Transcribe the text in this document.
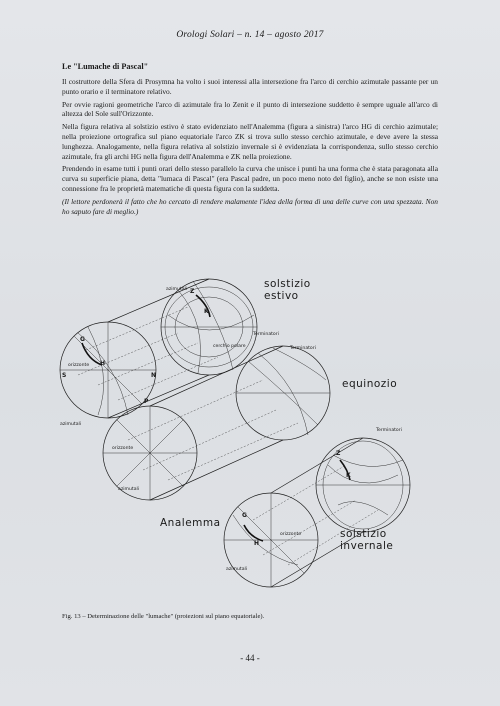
Orologi Solari – n. 14 – agosto 2017
Le "Lumache di Pascal"

Il costruttore della Sfera di Prosymna ha volto i suoi interessi alla intersezione fra l'arco di cerchio azimutale passante per un punto orario e il terminatore relativo.

Per ovvie ragioni geometriche l'arco di azimutale fra lo Zenit e il punto di intersezione suddetto è sempre uguale all'arco di altezza del Sole sull'Orizzonte.

Nella figura relativa al solstizio estivo è stato evidenziato nell'Analemma (figura a sinistra) l'arco HG di cerchio azimutale; nella proiezione ortografica sul piano equatoriale l'arco ZK si trova sullo stesso cerchio azimutale, e deve avere la stessa lunghezza. Analogamente, nella figura relativa al solstizio invernale si è evidenziata la corrispondenza, sullo stesso cerchio azimutale, fra gli archi HG nella figura dell'Analemma e ZK nella proiezione.

Prendendo in esame tutti i punti orari dello stesso parallelo la curva che unisce i punti ha una forma che è stata paragonata alla curva su superficie piana, detta "lumaca di Pascal" (era Pascal padre, un poco meno noto del figlio), anche se non esiste una connessione fra le proprietà matematiche di questa figura con la suddetta.

(Il lettore perdonerà il fatto che ho cercato di rendere malamente l'idea della forma di una delle curve con una spezzata. Non ho saputo fare di meglio.)

solstizio
estivo
equinozio
solstizio
invernale
Analemma
azimutali
azimutali
azimutali
azimutali
Terminatori
Terminatori
Terminatori
orizzonte
orizzonte
orizzonte
cerchio polare
Z
K
G
H
S	N
P
Z
K
G
H
Fig. 13 – Determinazione delle "lumache" (proiezioni sul piano equatoriale).
- 44 -
